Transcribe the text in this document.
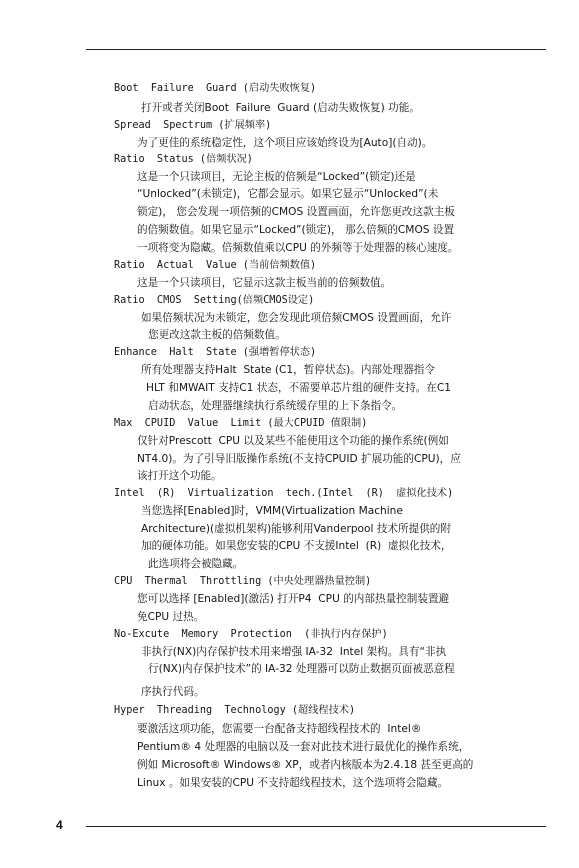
Boot  Failure  Guard (启动失败恢复)
打开或者关闭Boot  Failure  Guard (启动失败恢复) 功能。
Spread  Spectrum (扩展频率)
为了更佳的系统稳定性，这个项目应该始终设为[Auto](自动)。
Ratio  Status (倍频状况)
这是一个只读项目，无论主板的倍频是“Locked”(锁定)还是
“Unlocked”(未锁定)，它都会显示。如果它显示“Unlocked”(未
锁定)， 您会发现一项倍频的CMOS 设置画面，允许您更改这款主板
的倍频数值。如果它显示“Locked”(锁定)， 那么倍频的CMOS 设置
一项将变为隐藏。倍频数值乘以CPU 的外频等于处理器的核心速度。
Ratio  Actual  Value (当前倍频数值)
这是一个只读项目，它显示这款主板当前的倍频数值。
Ratio  CMOS  Setting(倍频CMOS设定)
如果倍频状况为未锁定，您会发现此项倍频CMOS 设置画面，允许
您更改这款主板的倍频数值。
Enhance  Halt  State (强增暂停状态)
所有处理器支持Halt  State (C1，暂停状态)。内部处理器指令
HLT 和MWAIT 支持C1 状态，不需要单芯片组的硬件支持。在C1
启动状态，处理器继续执行系统缓存里的上下条指令。
Max  CPUID  Value  Limit (最大CPUID 值限制)
仅针对Prescott  CPU 以及某些不能使用这个功能的操作系统(例如
NT4.0)。为了引导旧版操作系统(不支持CPUID 扩展功能的CPU)，应
该打开这个功能。
Intel  (R)  Virtualization  tech.(Intel  (R)  虚拟化技术)
当您选择[Enabled]时，VMM(Virtualization Machine
Architecture)(虚拟机架构)能够利用Vanderpool 技术所提供的附
加的硬体功能。如果您安装的CPU 不支援Intel  (R)  虚拟化技术，
此选项将会被隐藏。
CPU  Thermal  Throttling (中央处理器热量控制)
您可以选择 [Enabled](激活) 打开P4  CPU 的内部热量控制装置避
免CPU 过热。
No-Excute  Memory  Protection  (非执行内存保护)
非执行(NX)内存保护技术用来增强 IA-32  Intel 架构。具有“非执
行(NX)内存保护技术”的 IA-32 处理器可以防止数据页面被恶意程
序执行代码。
Hyper  Threading  Technology (超线程技术)
要激活这项功能，您需要一台配备支持超线程技术的  Intel®
Pentium® 4 处理器的电脑以及一套对此技术进行最优化的操作系统，
例如 Microsoft® Windows® XP，或者内核版本为2.4.18 甚至更高的
Linux 。如果安装的CPU 不支持超线程技术，这个选项将会隐藏。
4
